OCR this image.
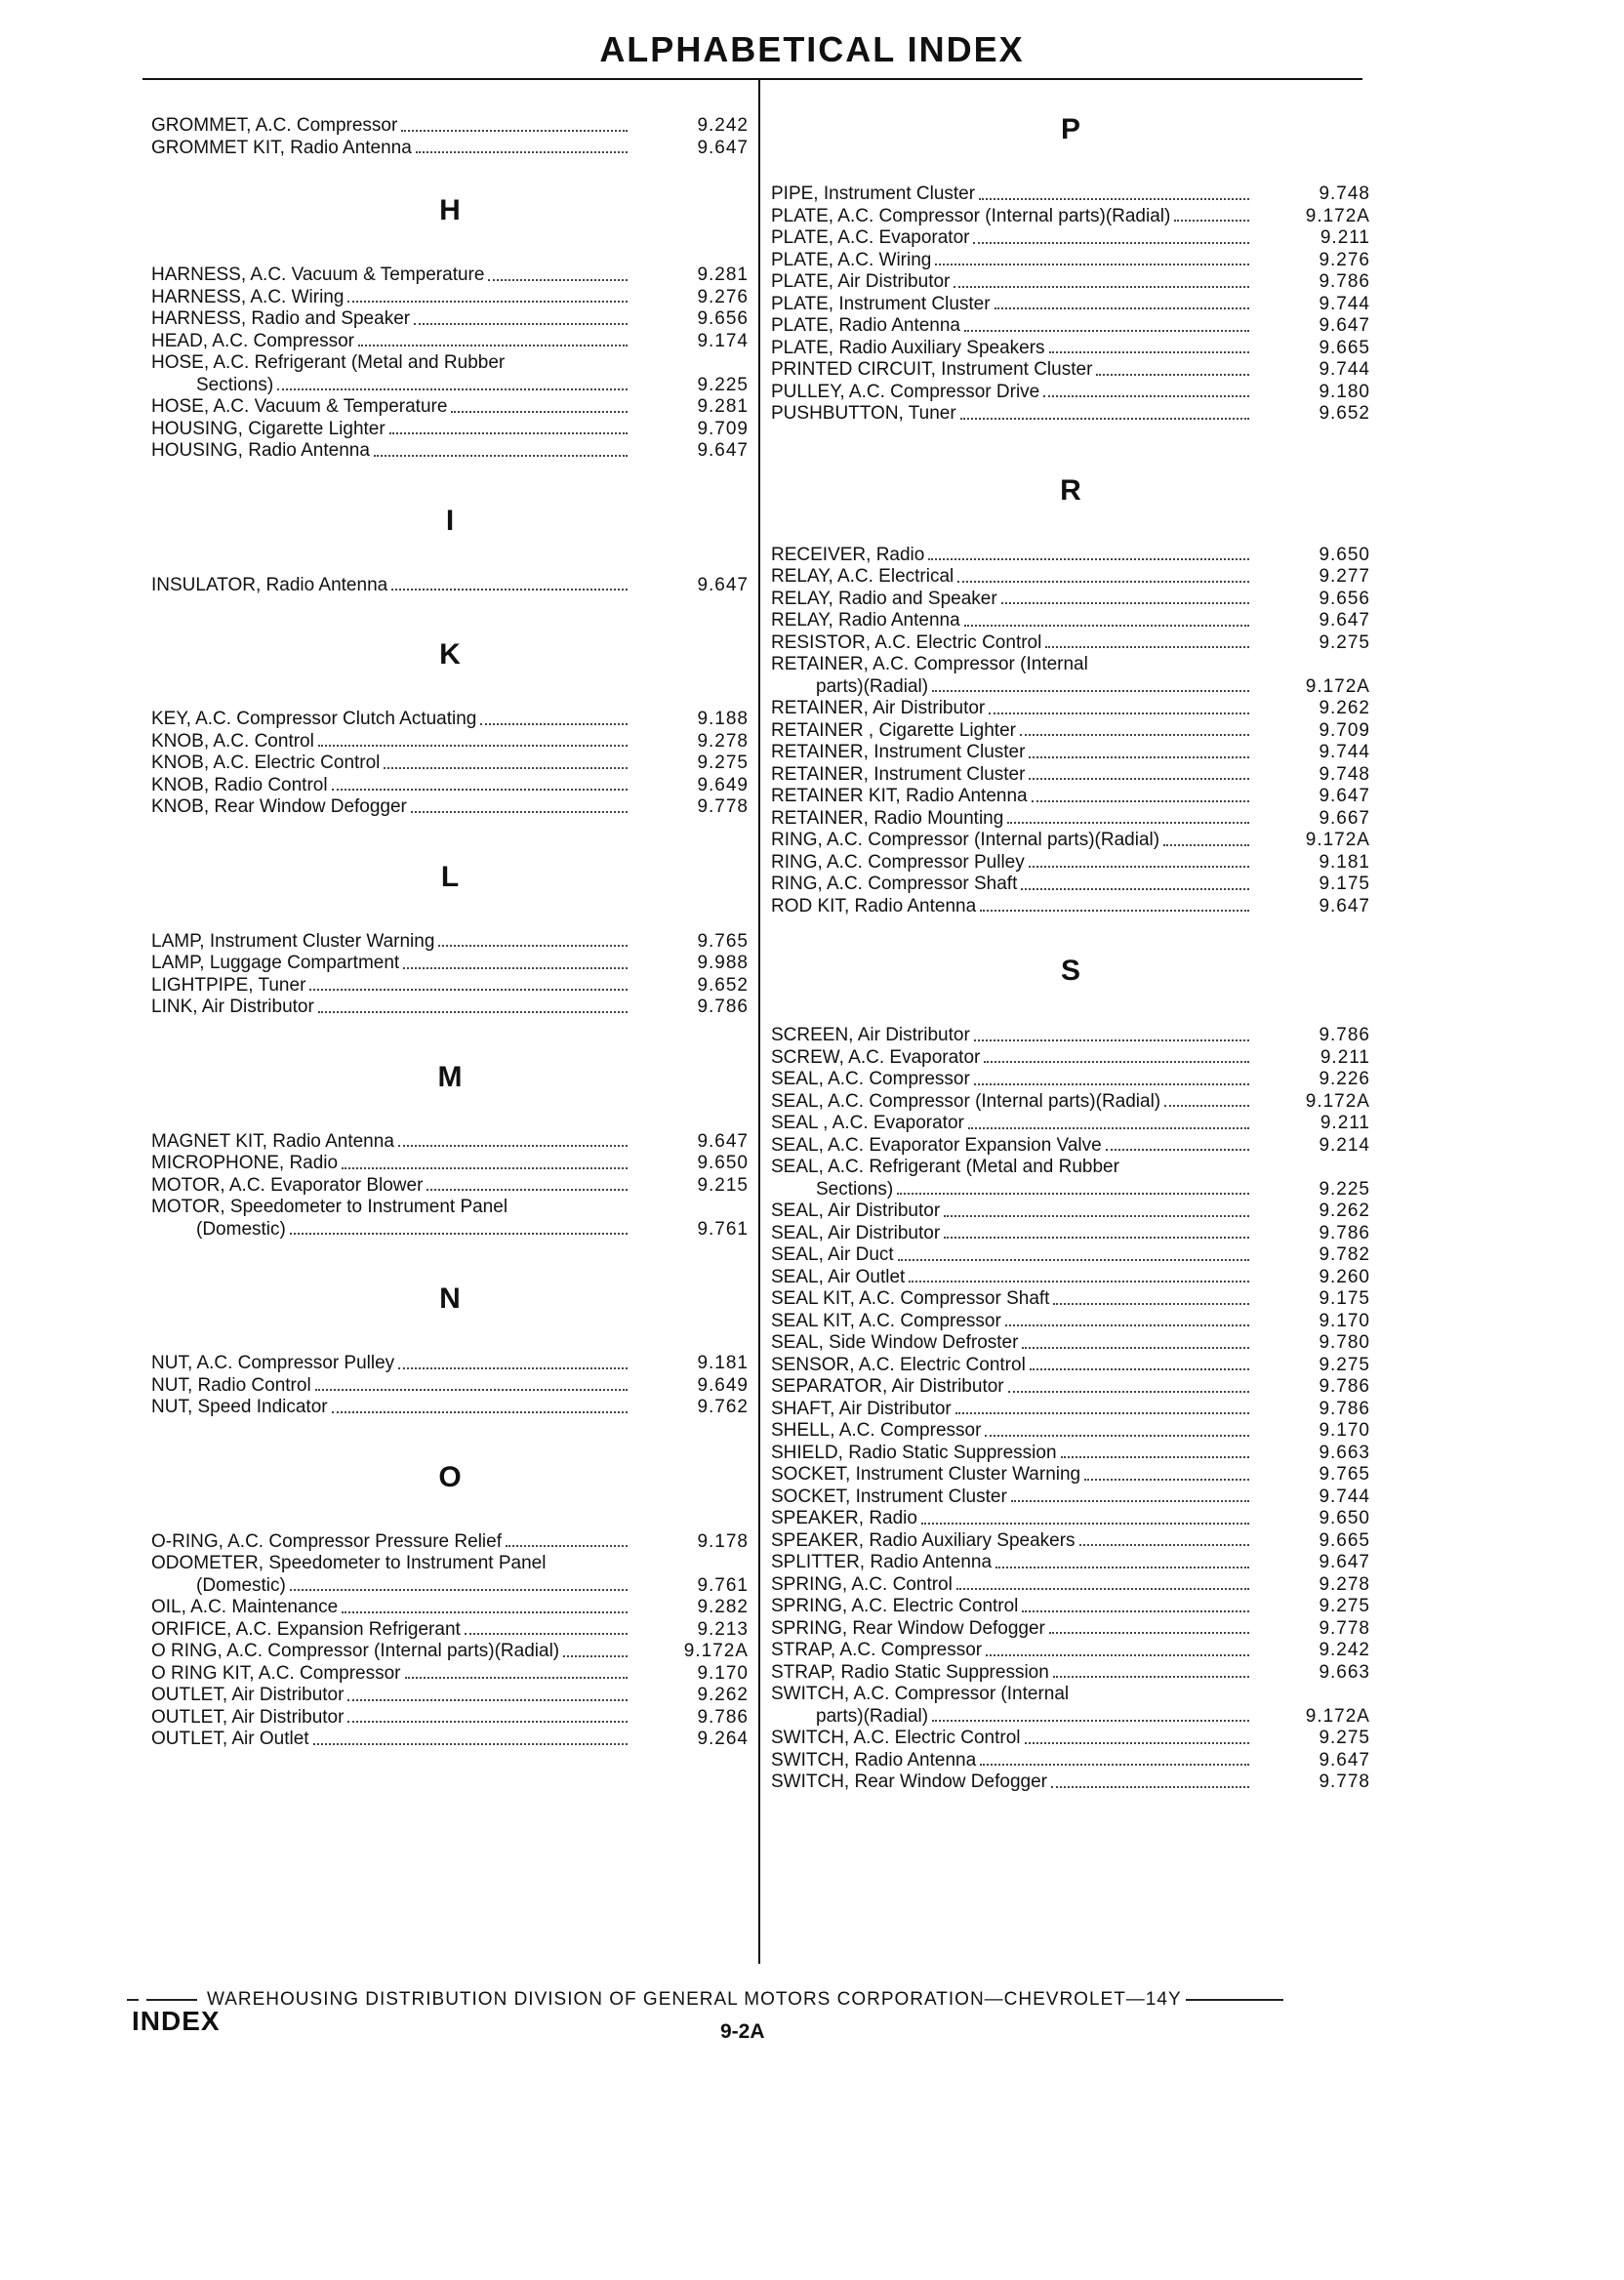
ALPHABETICAL INDEX
GROMMET, A.C. Compressor	9.242
GROMMET KIT, Radio Antenna	9.647
H
HARNESS, A.C. Vacuum & Temperature	9.281
HARNESS, A.C. Wiring	9.276
HARNESS, Radio and Speaker	9.656
HEAD, A.C. Compressor	9.174
HOSE, A.C. Refrigerant (Metal and Rubber
Sections)	9.225
HOSE, A.C. Vacuum & Temperature	9.281
HOUSING, Cigarette Lighter	9.709
HOUSING, Radio Antenna	9.647
I
INSULATOR, Radio Antenna	9.647
K
KEY, A.C. Compressor Clutch Actuating	9.188
KNOB, A.C. Control	9.278
KNOB, A.C. Electric Control	9.275
KNOB, Radio Control	9.649
KNOB, Rear Window Defogger	9.778
L
LAMP, Instrument Cluster Warning	9.765
LAMP, Luggage Compartment	9.988
LIGHTPIPE, Tuner	9.652
LINK, Air Distributor	9.786
M
MAGNET KIT, Radio Antenna	9.647
MICROPHONE, Radio	9.650
MOTOR, A.C. Evaporator Blower	9.215
MOTOR, Speedometer to Instrument Panel
(Domestic)	9.761
N
NUT, A.C. Compressor Pulley	9.181
NUT, Radio Control	9.649
NUT, Speed Indicator	9.762
O
O-RING, A.C. Compressor Pressure Relief	9.178
ODOMETER, Speedometer to Instrument Panel
(Domestic)	9.761
OIL, A.C. Maintenance	9.282
ORIFICE, A.C. Expansion Refrigerant	9.213
O RING, A.C. Compressor (Internal parts)(Radial)	9.172A
O RING KIT, A.C. Compressor	9.170
OUTLET, Air Distributor	9.262
OUTLET, Air Distributor	9.786
OUTLET, Air Outlet	9.264
P
PIPE, Instrument Cluster	9.748
PLATE, A.C. Compressor (Internal parts)(Radial)	9.172A
PLATE, A.C. Evaporator	9.211
PLATE, A.C. Wiring	9.276
PLATE, Air Distributor	9.786
PLATE, Instrument Cluster	9.744
PLATE, Radio Antenna	9.647
PLATE, Radio Auxiliary Speakers	9.665
PRINTED CIRCUIT, Instrument Cluster	9.744
PULLEY, A.C. Compressor Drive	9.180
PUSHBUTTON, Tuner	9.652
R
RECEIVER, Radio	9.650
RELAY, A.C. Electrical	9.277
RELAY, Radio and Speaker	9.656
RELAY, Radio Antenna	9.647
RESISTOR, A.C. Electric Control	9.275
RETAINER, A.C. Compressor (Internal
parts)(Radial)	9.172A
RETAINER, Air Distributor	9.262
RETAINER , Cigarette Lighter	9.709
RETAINER, Instrument Cluster	9.744
RETAINER, Instrument Cluster	9.748
RETAINER KIT, Radio Antenna	9.647
RETAINER, Radio Mounting	9.667
RING, A.C. Compressor (Internal parts)(Radial)	9.172A
RING, A.C. Compressor Pulley	9.181
RING, A.C. Compressor Shaft	9.175
ROD KIT, Radio Antenna	9.647
S
SCREEN, Air Distributor	9.786
SCREW, A.C. Evaporator	9.211
SEAL, A.C. Compressor	9.226
SEAL, A.C. Compressor (Internal parts)(Radial)	9.172A
SEAL , A.C. Evaporator	9.211
SEAL, A.C. Evaporator Expansion Valve	9.214
SEAL, A.C. Refrigerant (Metal and Rubber
Sections)	9.225
SEAL, Air Distributor	9.262
SEAL, Air Distributor	9.786
SEAL, Air Duct	9.782
SEAL, Air Outlet	9.260
SEAL KIT, A.C. Compressor Shaft	9.175
SEAL KIT, A.C. Compressor	9.170
SEAL, Side Window Defroster	9.780
SENSOR, A.C. Electric Control	9.275
SEPARATOR, Air Distributor	9.786
SHAFT, Air Distributor	9.786
SHELL, A.C. Compressor	9.170
SHIELD, Radio Static Suppression	9.663
SOCKET, Instrument Cluster Warning	9.765
SOCKET, Instrument Cluster	9.744
SPEAKER, Radio	9.650
SPEAKER, Radio Auxiliary Speakers	9.665
SPLITTER, Radio Antenna	9.647
SPRING, A.C. Control	9.278
SPRING, A.C. Electric Control	9.275
SPRING, Rear Window Defogger	9.778
STRAP, A.C. Compressor	9.242
STRAP, Radio Static Suppression	9.663
SWITCH, A.C. Compressor (Internal
parts)(Radial)	9.172A
SWITCH, A.C. Electric Control	9.275
SWITCH, Radio Antenna	9.647
SWITCH, Rear Window Defogger	9.778
WAREHOUSING DISTRIBUTION DIVISION OF GENERAL MOTORS CORPORATION—CHEVROLET—14Y
INDEX	9-2A
